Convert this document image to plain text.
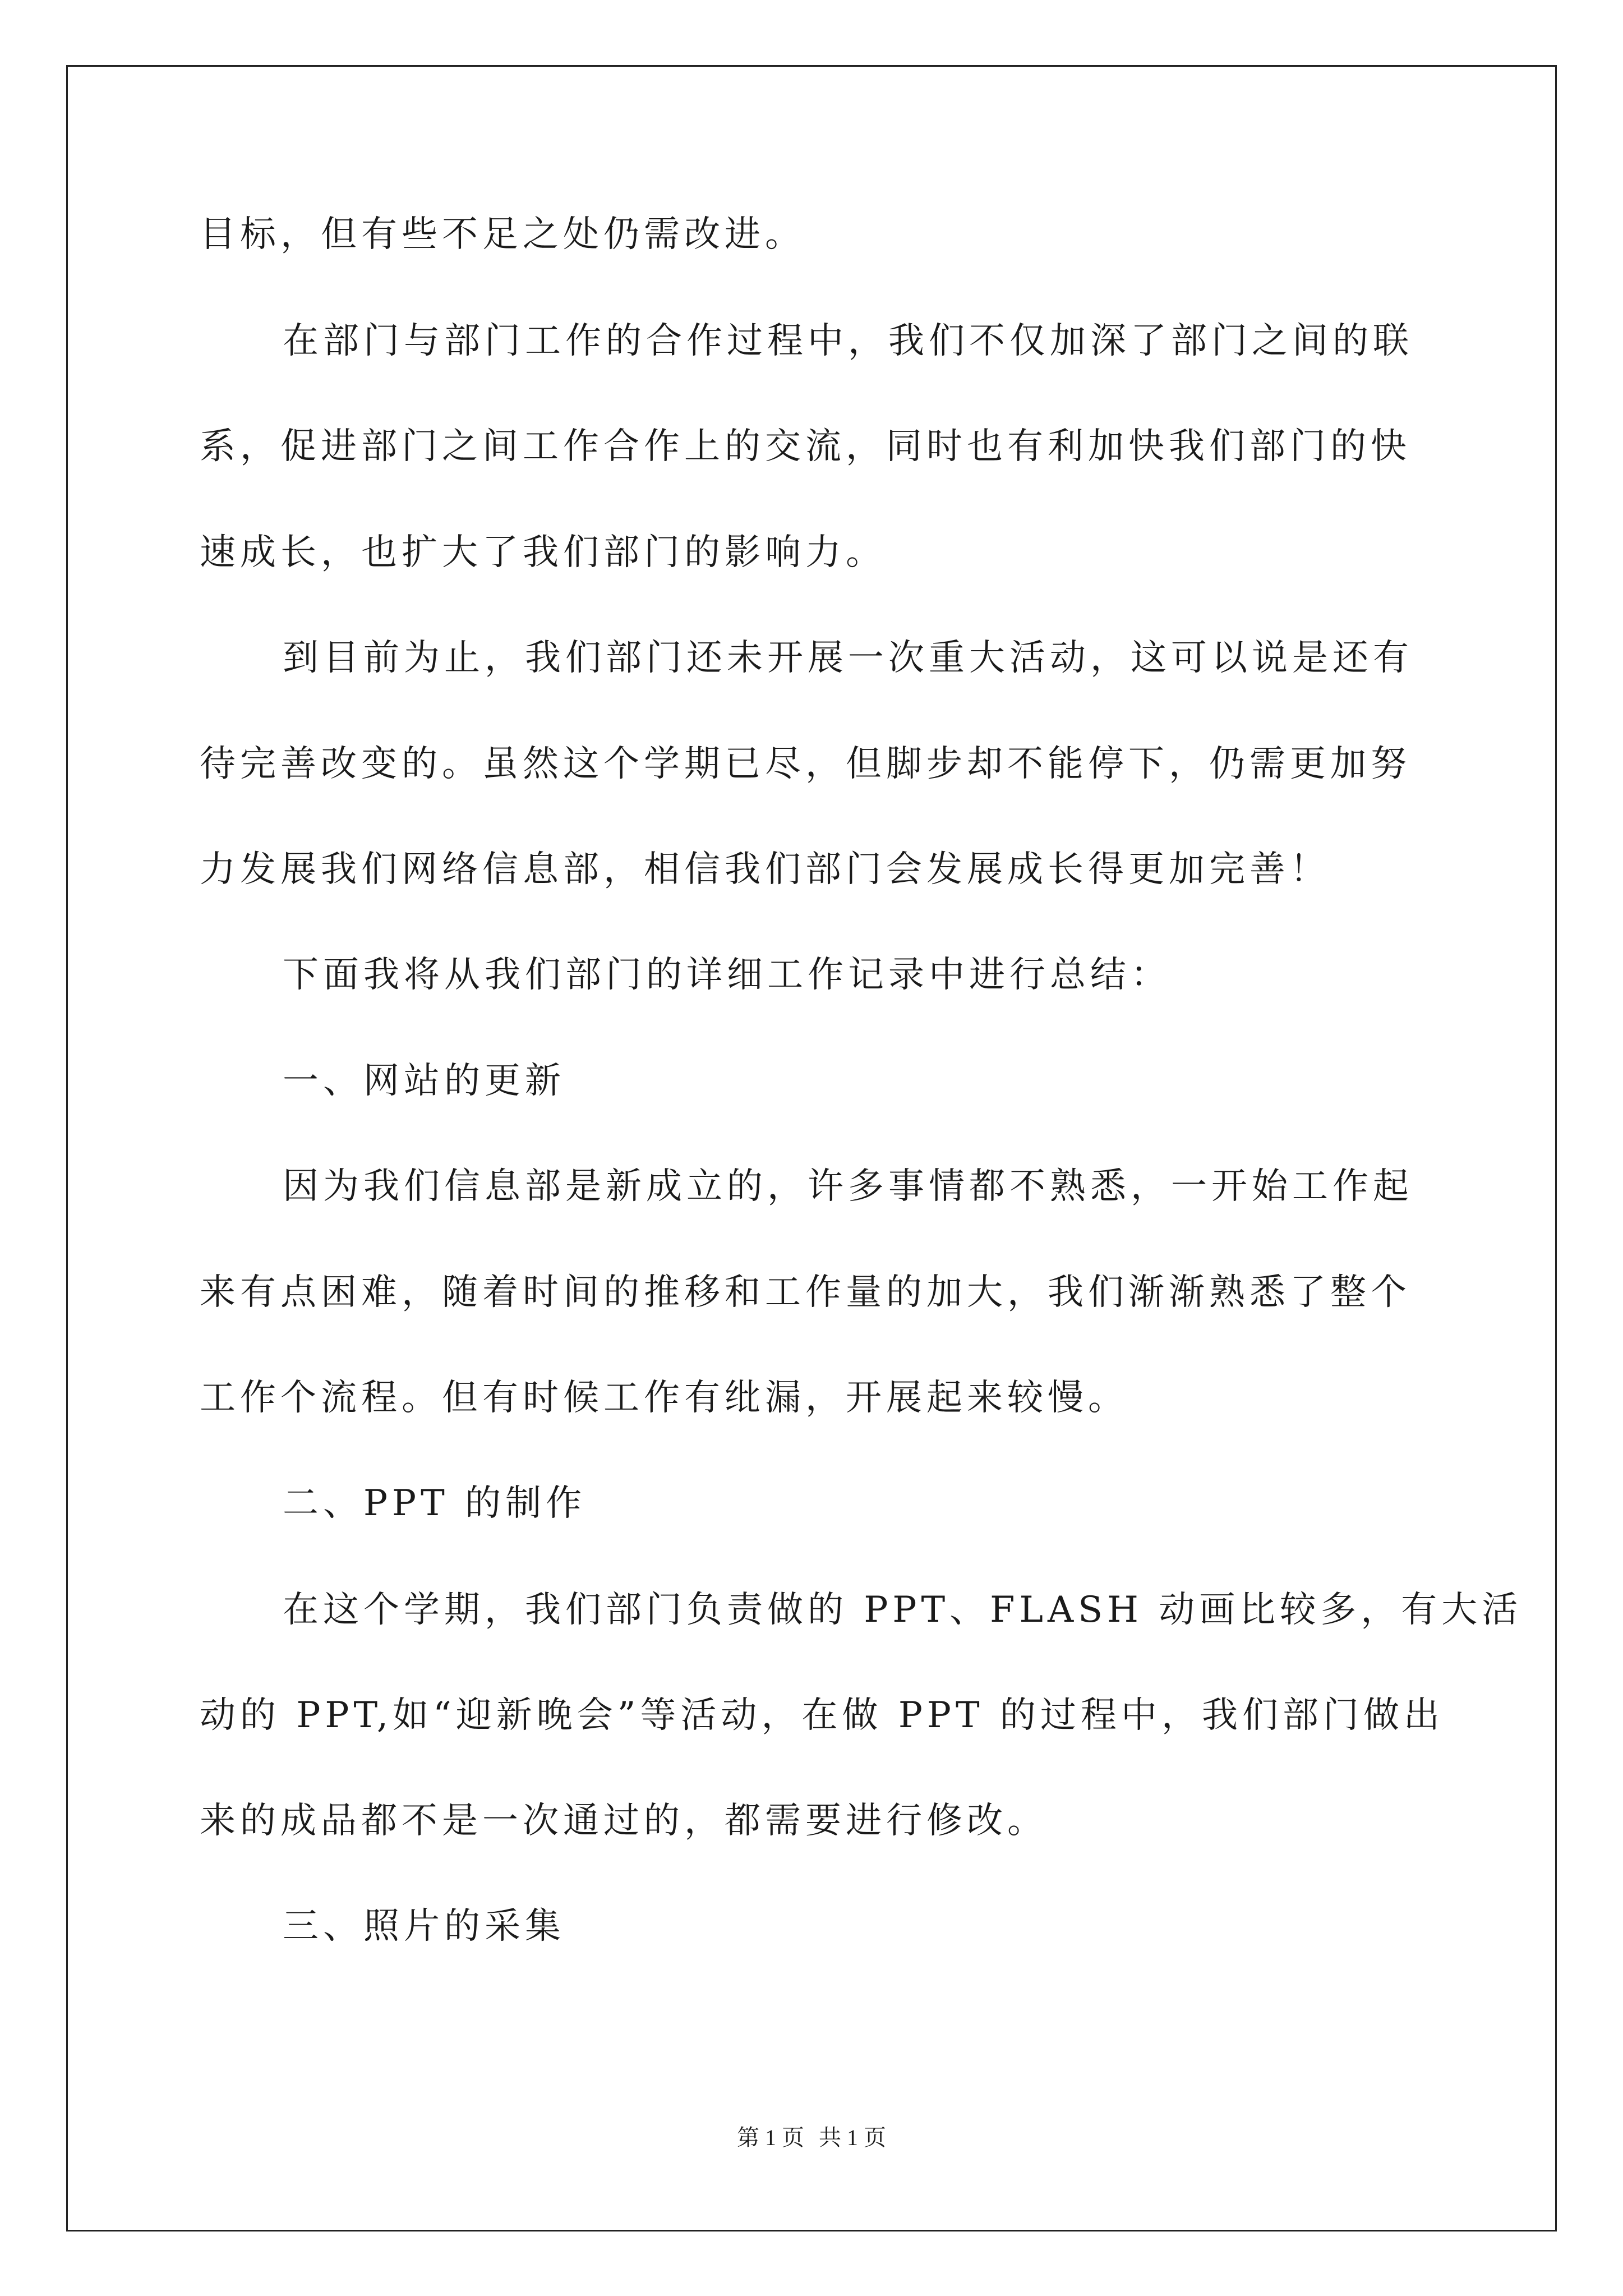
目标，但有些不足之处仍需改进。
在部门与部门工作的合作过程中，我们不仅加深了部门之间的联
系，促进部门之间工作合作上的交流，同时也有利加快我们部门的快
速成长，也扩大了我们部门的影响力。
到目前为止，我们部门还未开展一次重大活动，这可以说是还有
待完善改变的。虽然这个学期已尽，但脚步却不能停下，仍需更加努
力发展我们网络信息部，相信我们部门会发展成长得更加完善！
下面我将从我们部门的详细工作记录中进行总结：
一、网站的更新
因为我们信息部是新成立的，许多事情都不熟悉，一开始工作起
来有点困难，随着时间的推移和工作量的加大，我们渐渐熟悉了整个
工作个流程。但有时候工作有纰漏，开展起来较慢。
二、PPT 的制作
在这个学期，我们部门负责做的 PPT、FLASH 动画比较多，有大活
动的 PPT,如“迎新晚会”等活动，在做 PPT 的过程中，我们部门做出
来的成品都不是一次通过的，都需要进行修改。
三、照片的采集
第 1 页 共 1 页
